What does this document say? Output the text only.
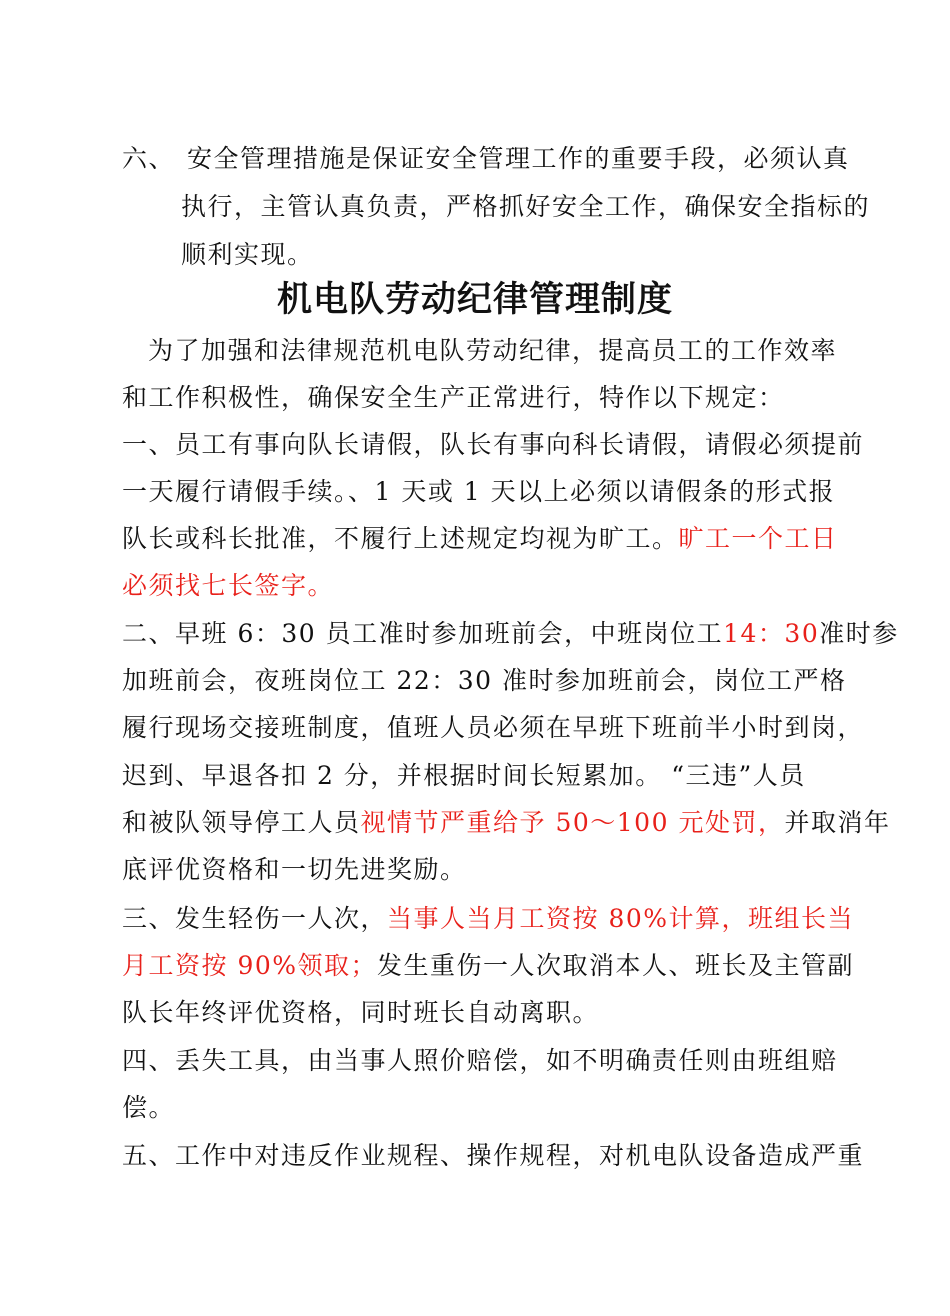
六、 安全管理措施是保证安全管理工作的重要手段，必须认真

执行，主管认真负责，严格抓好安全工作，确保安全指标的

顺利实现。

机电队劳动纪律管理制度

为了加强和法律规范机电队劳动纪律，提高员工的工作效率

和工作积极性，确保安全生产正常进行，特作以下规定：

一、员工有事向队长请假，队长有事向科长请假，请假必须提前

一天履行请假手续。、1 天或 1 天以上必须以请假条的形式报

队长或科长批准，不履行上述规定均视为旷工。旷工一个工日

必须找七长签字。

二、早班 6：30 员工准时参加班前会，中班岗位工14：30准时参

加班前会，夜班岗位工 22：30 准时参加班前会，岗位工严格

履行现场交接班制度，值班人员必须在早班下班前半小时到岗，

迟到、早退各扣 2 分，并根据时间长短累加。 “三违”人员

和被队领导停工人员视情节严重给予 50～100 元处罚，并取消年

底评优资格和一切先进奖励。

三、发生轻伤一人次，当事人当月工资按 80%计算，班组长当

月工资按 90%领取；发生重伤一人次取消本人、班长及主管副

队长年终评优资格，同时班长自动离职。

四、丢失工具，由当事人照价赔偿，如不明确责任则由班组赔

偿。

五、工作中对违反作业规程、操作规程，对机电队设备造成严重
